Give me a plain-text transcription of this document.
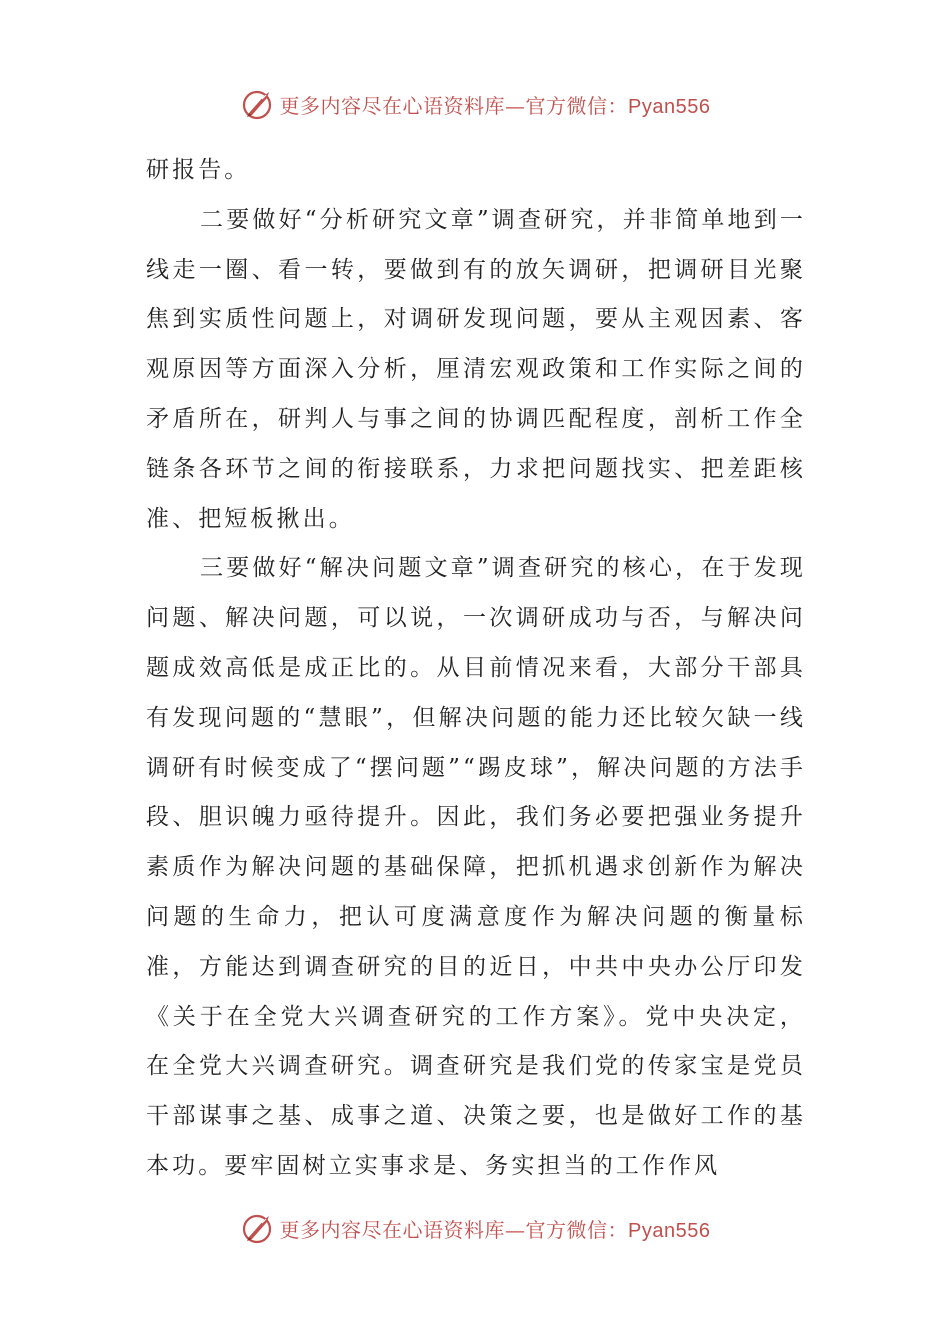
更多内容尽在心语资料库—官方微信：Pyan556

研报告。

二要做好“分析研究文章”调查研究，并非简单地到一线走一圈、看一转，要做到有的放矢调研，把调研目光聚焦到实质性问题上，对调研发现问题，要从主观因素、客观原因等方面深入分析，厘清宏观政策和工作实际之间的矛盾所在，研判人与事之间的协调匹配程度，剖析工作全链条各环节之间的衔接联系，力求把问题找实、把差距核准、把短板揪出。

三要做好“解决问题文章”调查研究的核心，在于发现问题、解决问题，可以说，一次调研成功与否，与解决问题成效高低是成正比的。从目前情况来看，大部分干部具有发现问题的“慧眼”，但解决问题的能力还比较欠缺一线调研有时候变成了“摆问题”“踢皮球”，解决问题的方法手段、胆识魄力亟待提升。因此，我们务必要把强业务提升素质作为解决问题的基础保障，把抓机遇求创新作为解决问题的生命力，把认可度满意度作为解决问题的衡量标准，方能达到调查研究的目的近日，中共中央办公厅印发《关于在全党大兴调查研究的工作方案》。党中央决定，在全党大兴调查研究。调查研究是我们党的传家宝是党员干部谋事之基、成事之道、决策之要，也是做好工作的基本功。要牢固树立实事求是、务实担当的工作作风

更多内容尽在心语资料库—官方微信：Pyan556
